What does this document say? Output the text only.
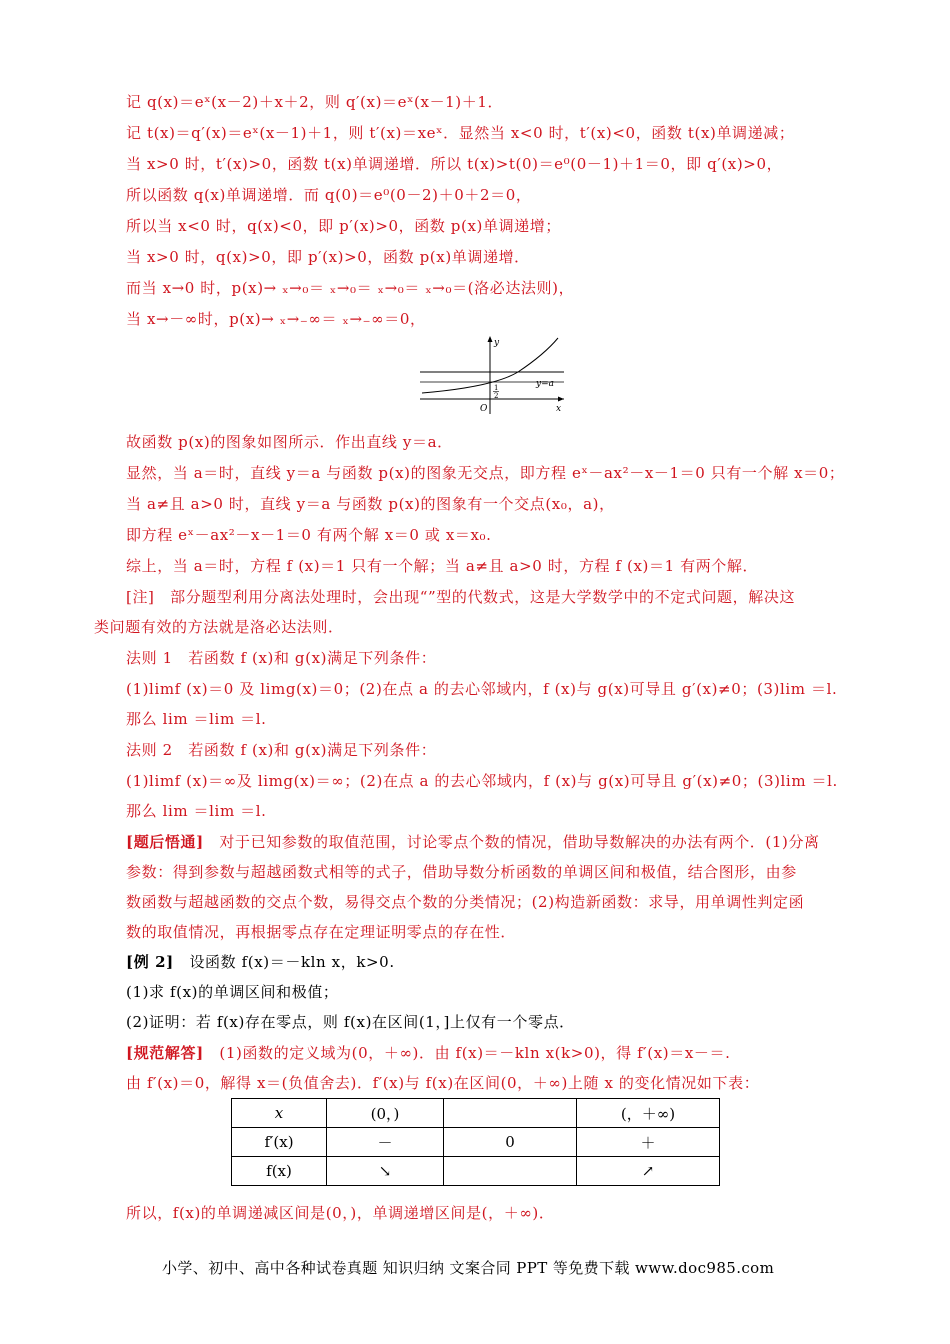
记 q(x)＝eˣ(x－2)＋x＋2，则 q′(x)＝eˣ(x－1)＋1．
记 t(x)＝q′(x)＝eˣ(x－1)＋1，则 t′(x)＝xeˣ．显然当 x<0 时，t′(x)<0，函数 t(x)单调递减；
当 x>0 时，t′(x)>0，函数 t(x)单调递增．所以 t(x)>t(0)＝e⁰(0－1)＋1＝0，即 q′(x)>0，
所以函数 q(x)单调递增．而 q(0)＝e⁰(0－2)＋0＋2＝0，
所以当 x<0 时，q(x)<0，即 p′(x)>0，函数 p(x)单调递增；
当 x>0 时，q(x)>0，即 p′(x)>0，函数 p(x)单调递增．
而当 x→0 时，p(x)→ ₓ→₀＝ ₓ→₀＝ ₓ→₀＝ ₓ→₀＝(洛必达法则)，
当 x→－∞时，p(x)→ ₓ→₋∞＝ ₓ→₋∞＝0，
y
x
O
y=a
1
2
故函数 p(x)的图象如图所示．作出直线 y＝a．
显然，当 a＝时，直线 y＝a 与函数 p(x)的图象无交点，即方程 eˣ－ax²－x－1＝0 只有一个解 x＝0；
当 a≠且 a>0 时，直线 y＝a 与函数 p(x)的图象有一个交点(x₀，a)，
即方程 eˣ－ax²－x－1＝0 有两个解 x＝0 或 x＝x₀.
综上，当 a＝时，方程 f (x)＝1 只有一个解；当 a≠且 a>0 时，方程 f (x)＝1 有两个解．
[注]　部分题型利用分离法处理时，会出现“”型的代数式，这是大学数学中的不定式问题，解决这
类问题有效的方法就是洛必达法则．
法则 1　若函数 f (x)和 g(x)满足下列条件：
(1)limf (x)＝0 及 limg(x)＝0；(2)在点 a 的去心邻域内，f (x)与 g(x)可导且 g′(x)≠0；(3)lim ＝l.
那么 lim ＝lim ＝l.
法则 2　若函数 f (x)和 g(x)满足下列条件：
(1)limf (x)＝∞及 limg(x)＝∞；(2)在点 a 的去心邻域内，f (x)与 g(x)可导且 g′(x)≠0；(3)lim ＝l.
那么 lim ＝lim ＝l.
[题后悟通]　对于已知参数的取值范围，讨论零点个数的情况，借助导数解决的办法有两个．(1)分离
参数：得到参数与超越函数式相等的式子，借助导数分析函数的单调区间和极值，结合图形，由参
数函数与超越函数的交点个数，易得交点个数的分类情况；(2)构造新函数：求导，用单调性判定函
数的取值情况，再根据零点存在定理证明零点的存在性．
[例 2]　设函数 f(x)＝－kln x，k>0.
(1)求 f(x)的单调区间和极值；
(2)证明：若 f(x)存在零点，则 f(x)在区间(1，]上仅有一个零点．
[规范解答]　(1)函数的定义域为(0，＋∞)．由 f(x)＝－kln x(k>0)，得 f′(x)＝x－＝.
由 f′(x)＝0，解得 x＝(负值舍去)．f′(x)与 f(x)在区间(0，＋∞)上随 x 的变化情况如下表：
x	(0，)		(，＋∞)
f′(x)	－	0	＋
f(x)	↘		↗
所以，f(x)的单调递减区间是(0，)，单调递增区间是(，＋∞)．
小学、初中、高中各种试卷真题 知识归纳 文案合同 PPT 等免费下载 www.doc985.com
